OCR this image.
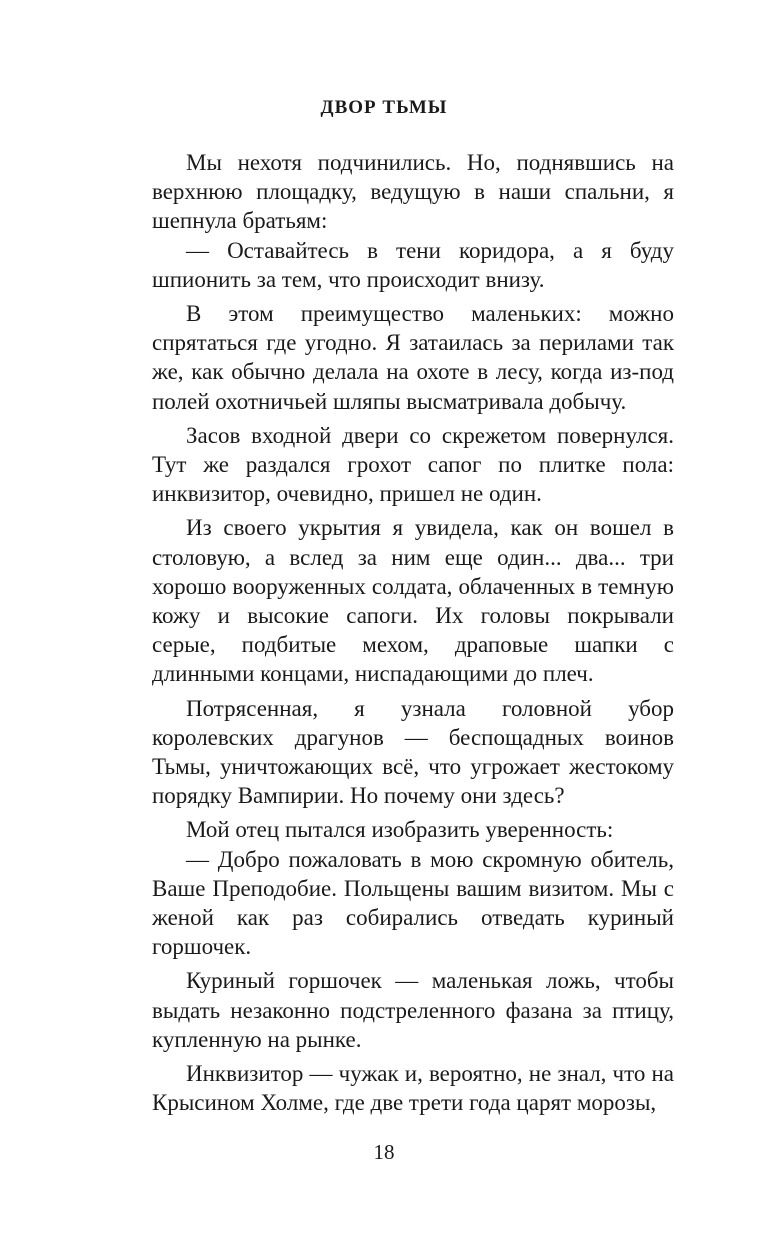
ДВОР ТЬМЫ

Мы нехотя подчинились. Но, поднявшись на верхнюю площадку, ведущую в наши спальни, я шепнула братьям:

— Оставайтесь в тени коридора, а я буду шпионить за тем, что происходит внизу.

В этом преимущество маленьких: можно спрятаться где угодно. Я затаилась за перилами так же, как обычно делала на охоте в лесу, когда из-под полей охотничьей шляпы высматривала добычу.

Засов входной двери со скрежетом повернулся. Тут же раздался грохот сапог по плитке пола: инквизитор, очевидно, пришел не один.

Из своего укрытия я увидела, как он вошел в столовую, а вслед за ним еще один... два... три хорошо вооруженных солдата, облаченных в темную кожу и высокие сапоги. Их головы покрывали серые, подбитые мехом, драповые шапки с длинными концами, ниспадающими до плеч.

Потрясенная, я узнала головной убор королевских драгунов — беспощадных воинов Тьмы, уничтожающих всё, что угрожает жестокому порядку Вампирии. Но почему они здесь?

Мой отец пытался изобразить уверенность:

— Добро пожаловать в мою скромную обитель, Ваше Преподобие. Польщены вашим визитом. Мы с женой как раз собирались отведать куриный горшочек.

Куриный горшочек — маленькая ложь, чтобы выдать незаконно подстреленного фазана за птицу, купленную на рынке.

Инквизитор — чужак и, вероятно, не знал, что на Крысином Холме, где две трети года царят морозы,

18
